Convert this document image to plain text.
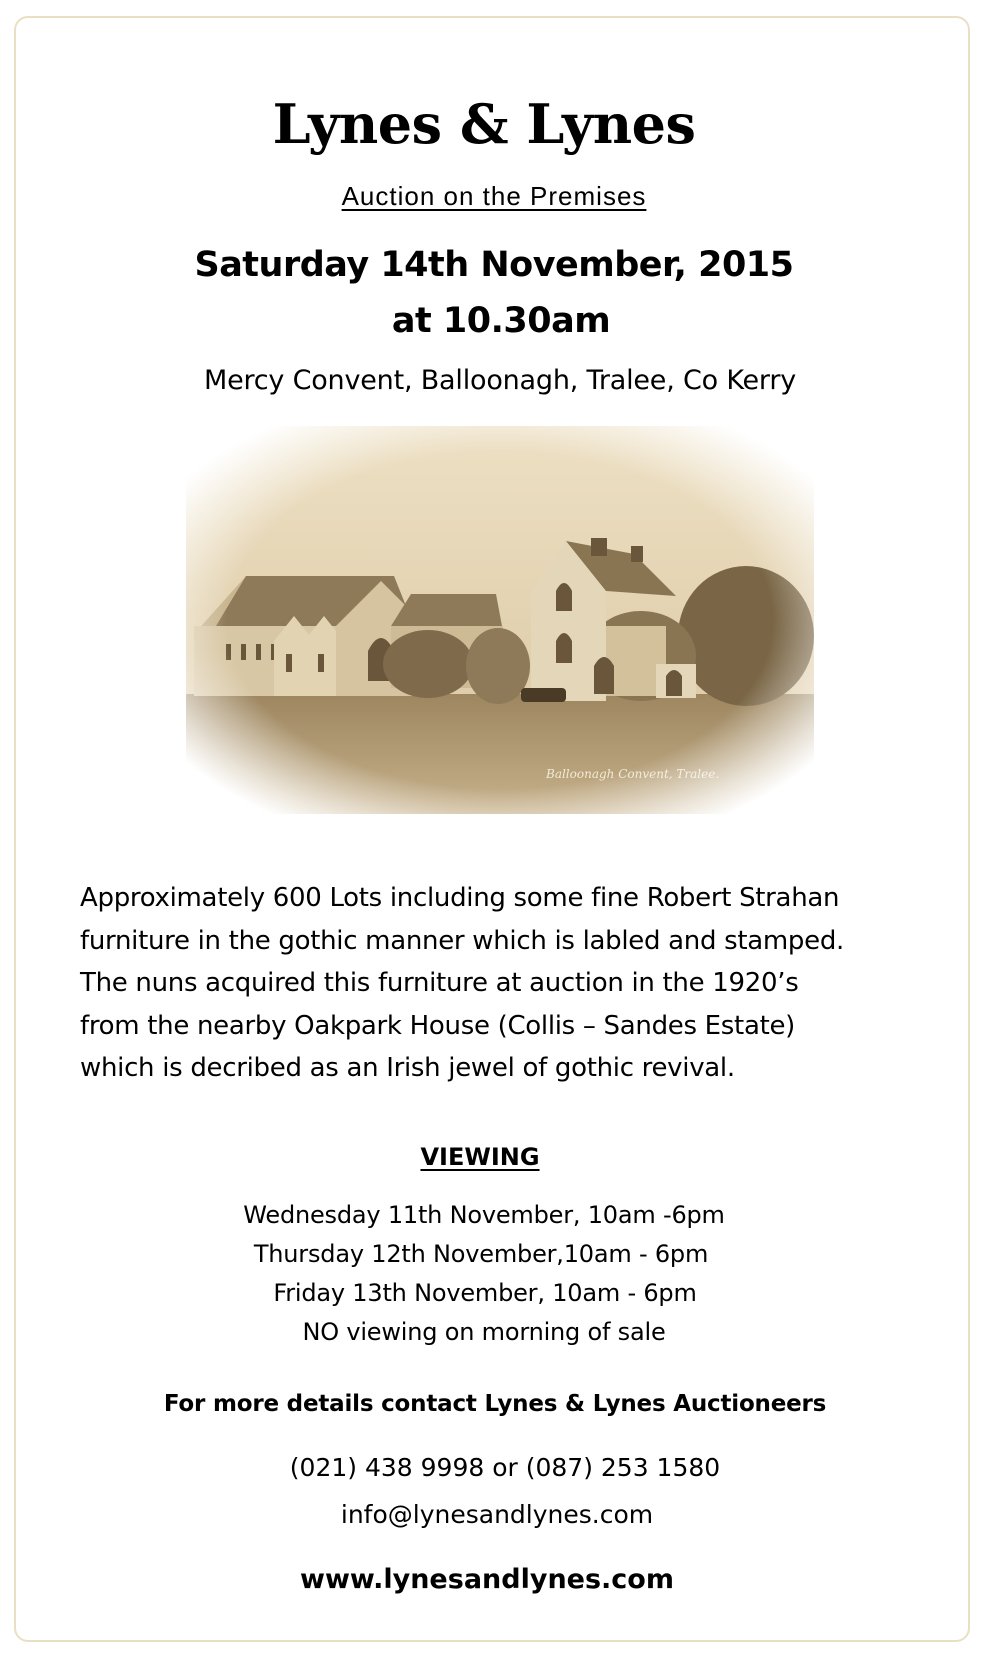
Lynes & Lynes
Auction on the Premises
Saturday 14th November, 2015
at 10.30am
Mercy Convent, Balloonagh, Tralee, Co Kerry
Approximately 600 Lots including some fine Robert Strahan
furniture in the gothic manner which is labled and stamped.
The nuns acquired this furniture at auction in the 1920’s
from the nearby Oakpark House (Collis – Sandes Estate)
which is decribed as an Irish jewel of gothic revival.
VIEWING
Wednesday 11th November, 10am -6pm
Thursday 12th November,10am - 6pm
Friday 13th November, 10am - 6pm
NO viewing on morning of sale
For more details contact Lynes & Lynes Auctioneers
(021) 438 9998 or (087) 253 1580
info@lynesandlynes.com
www.lynesandlynes.com
